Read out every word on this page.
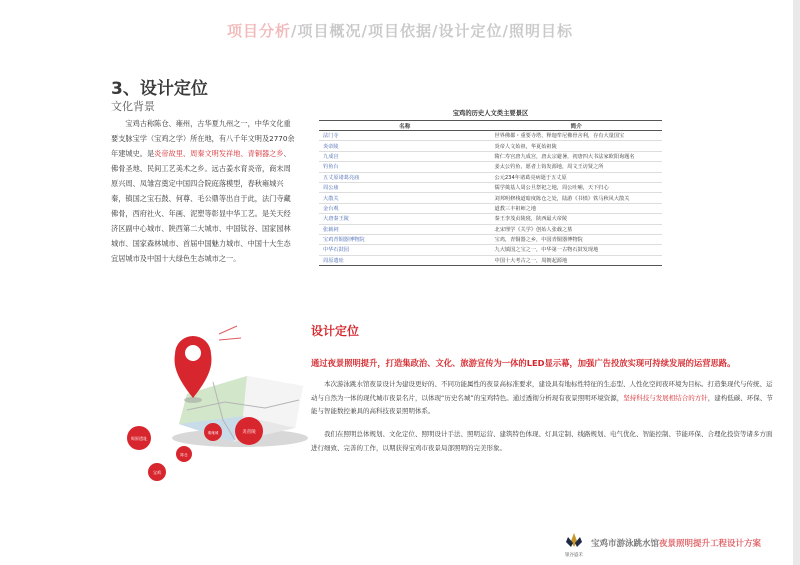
项目分析/项目概况/项目依据/设计定位/照明目标
3、设计定位
文化背景
  宝鸡古称陈仓、雍州，古华夏九州之一，中华文化重要支脉宝学（宝鸡之学）所在地，有八千年文明及2770余年建城史。是炎帝故里、周秦文明发祥地、青铜器之乡、佛骨圣地、民间工艺美术之乡。远古姜水育炎帝，商末周原兴周、凤雏宫奠定中国四合院庭落模型，春秋雍城兴秦，镇国之宝石鼓、何尊、毛公鼎等出自于此，法门寺藏佛骨，西府社火、年画、泥塑等彰显中华工艺。是关天经济区副中心城市、陕西第二大城市、中国钛谷、国家园林城市、国家森林城市、首届中国魅力城市、中国十大生态宜居城市及中国十大绿色生态城市之一。
宝鸡的历史人文类主要景区
名称	简介
法门寺	世界佛都・重要寺塔，释迦牟尼佛骨舍利，存有大量国宝
炎帝陵	炎帝人文始祖，华夏始祖陵
九成宫	隋仁寿宫唐九成宫，唐太宗避暑，初唐四大书法家欧阳询题名
钓鱼台	姜太公钓鱼，愿者上钩发源地，周文王访贤之所
五丈原诸葛亮庙	公元234年诸葛亮病逝于五丈原
周公庙	儒学奠基人周公旦祭祀之地，周公吐哺，天下归心
大散关	刘邦明修栈道暗度陈仓之处，陆游《书愤》铁马秋风大散关
金台观	道教三丰祖师之地
大唐秦王陵	秦王李茂贞陵寝，陕西最大帝陵
张载祠	北宋理学《关学》创始人张载之墓
宝鸡青铜器博物院	宝鸡，青铜器之乡，中国青铜器博物院
中华石鼓园	九大镇国之宝之一，中华第一古物石鼓发现地
周原遗址	中国十大考古之一，周朝起源地
周原遗址
陈仓
秦雍城	炎帝陵
宝鸡
设计定位
通过夜景照明提升，打造集政治、文化、旅游宣传为一体的LED显示幕，加强广告投放实现可持续发展的运营思路。
本次游泳跳水馆夜景设计为建设更好的、不同功能属性的夜景高标准要求，建设具有地标性特征的生态型、人性化空间夜环境为目标。打造集现代与传统、运动与自然为一体的现代城市夜景名片，以体现“历史名城”的宝鸡特色。通过透彻分析现有夜景照明环境资源，坚持科技与发展相结合的方针，建构低碳、环保、节能与智能数控兼具的高科技夜景照明体系。
我们在照明总体规划、文化定位、照明设计手法、照明运营、建筑特色体现、灯具定制、线路规划、电气优化、智能控制、节能环保、合理化投资等诸多方面进行细致、完善的工作，以期获得宝鸡市夜景局部照明的完美形象。
银谷盛禾
宝鸡市游泳跳水馆夜景照明提升工程设计方案
